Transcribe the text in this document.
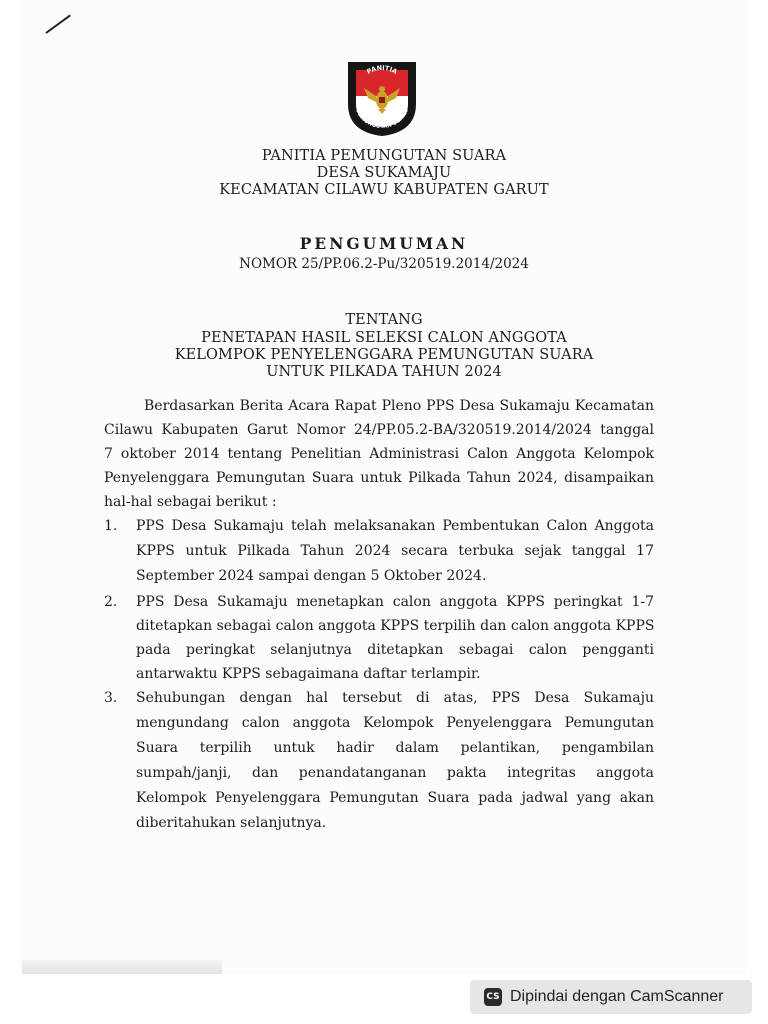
PANITIA
PEMUNGUTAN SUARA
PANITIA PEMUNGUTAN SUARA
DESA SUKAMAJU
KECAMATAN CILAWU KABUPATEN GARUT
PENGUMUMAN
NOMOR 25/PP.06.2-Pu/320519.2014/2024
TENTANG
PENETAPAN HASIL SELEKSI CALON ANGGOTA
KELOMPOK PENYELENGGARA PEMUNGUTAN SUARA
UNTUK PILKADA TAHUN 2024
Berdasarkan Berita Acara Rapat Pleno PPS Desa Sukamaju Kecamatan
Cilawu Kabupaten Garut Nomor 24/PP.05.2-BA/320519.2014/2024 tanggal
7 oktober 2014 tentang Penelitian Administrasi Calon Anggota Kelompok
Penyelenggara Pemungutan Suara untuk Pilkada Tahun 2024, disampaikan
hal-hal sebagai berikut :
1. PPS Desa Sukamaju telah melaksanakan Pembentukan Calon Anggota
KPPS untuk Pilkada Tahun 2024 secara terbuka sejak tanggal 17
September 2024 sampai dengan 5 Oktober 2024.
2. PPS Desa Sukamaju menetapkan calon anggota KPPS peringkat 1-7
ditetapkan sebagai calon anggota KPPS terpilih dan calon anggota KPPS
pada peringkat selanjutnya ditetapkan sebagai calon pengganti
antarwaktu KPPS sebagaimana daftar terlampir.
3. Sehubungan dengan hal tersebut di atas, PPS Desa Sukamaju
mengundang calon anggota Kelompok Penyelenggara Pemungutan
Suara terpilih untuk hadir dalam pelantikan, pengambilan
sumpah/janji, dan penandatanganan pakta integritas anggota
Kelompok Penyelenggara Pemungutan Suara pada jadwal yang akan
diberitahukan selanjutnya.
CS Dipindai dengan CamScanner
